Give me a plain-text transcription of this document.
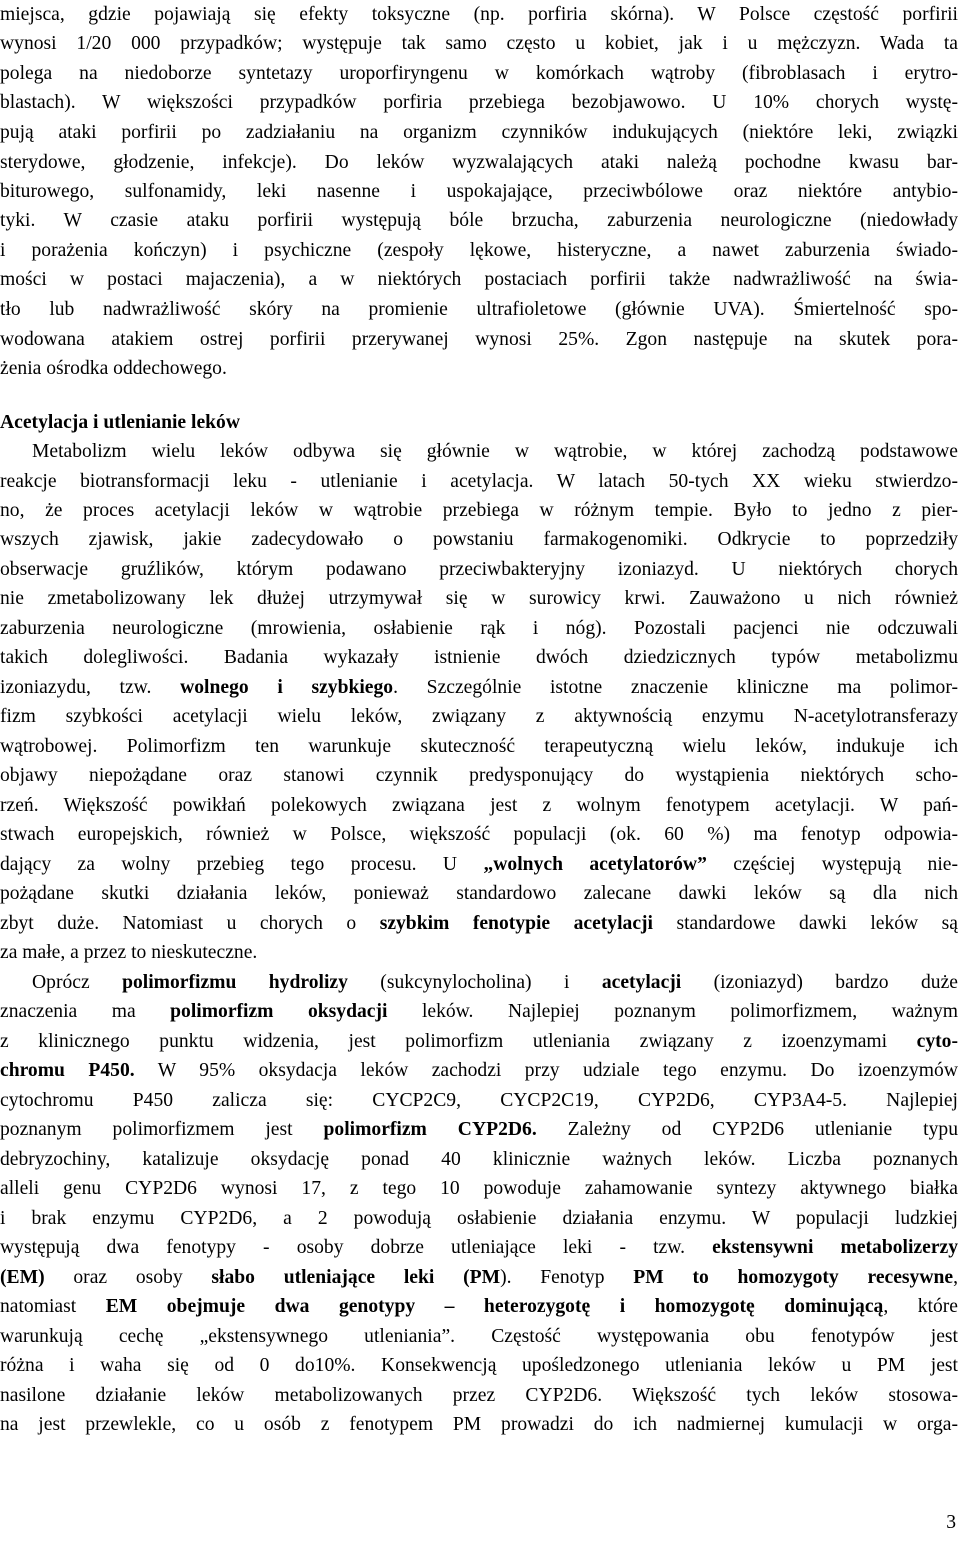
miejsca, gdzie pojawiają się efekty toksyczne (np. porfiria skórna). W Polsce częstość porfirii
wynosi 1/20 000 przypadków; występuje tak samo często u kobiet, jak i u mężczyzn. Wada ta
polega na niedoborze syntetazy uroporfiryngenu w komórkach wątroby (fibroblasach i erytro-
blastach). W większości przypadków porfiria przebiega bezobjawowo. U 10% chorych wystę-
pują ataki porfirii po zadziałaniu na organizm czynników indukujących (niektóre leki, związki
sterydowe, głodzenie, infekcje). Do leków wyzwalających ataki należą pochodne kwasu bar-
biturowego, sulfonamidy, leki nasenne i uspokajające, przeciwbólowe oraz niektóre antybio-
tyki. W czasie ataku porfirii występują bóle brzucha, zaburzenia neurologiczne (niedowłady
i porażenia kończyn) i psychiczne (zespoły lękowe, histeryczne, a nawet zaburzenia świado-
mości w postaci majaczenia), a w niektórych postaciach porfirii także nadwrażliwość na świa-
tło lub nadwrażliwość skóry na promienie ultrafioletowe (głównie UVA). Śmiertelność spo-
wodowana atakiem ostrej porfirii przerywanej wynosi 25%. Zgon następuje na skutek pora-
żenia ośrodka oddechowego.
Acetylacja i utlenianie leków
Metabolizm wielu leków odbywa się głównie w wątrobie, w której zachodzą podstawowe
reakcje biotransformacji leku - utlenianie i acetylacja. W latach 50-tych XX wieku stwierdzo-
no, że proces acetylacji leków w wątrobie przebiega w różnym tempie. Było to jedno z pier-
wszych zjawisk, jakie zadecydowało o powstaniu farmakogenomiki. Odkrycie to poprzedziły
obserwacje gruźlików, którym podawano przeciwbakteryjny izoniazyd. U niektórych chorych
nie zmetabolizowany lek dłużej utrzymywał się w surowicy krwi. Zauważono u nich również
zaburzenia neurologiczne (mrowienia, osłabienie rąk i nóg). Pozostali pacjenci nie odczuwali
takich dolegliwości. Badania wykazały istnienie dwóch dziedzicznych typów metabolizmu
izoniazydu, tzw. wolnego i szybkiego. Szczególnie istotne znaczenie kliniczne ma polimor-
fizm szybkości acetylacji wielu leków, związany z aktywnością enzymu N-acetylotransferazy
wątrobowej. Polimorfizm ten warunkuje skuteczność terapeutyczną wielu leków, indukuje ich
objawy niepożądane oraz stanowi czynnik predysponujący do wystąpienia niektórych scho-
rzeń. Większość powikłań polekowych związana jest z wolnym fenotypem acetylacji. W pań-
stwach europejskich, również w Polsce, większość populacji (ok. 60 %) ma fenotyp odpowia-
dający za wolny przebieg tego procesu. U „wolnych acetylatorów” częściej występują nie-
pożądane skutki działania leków, ponieważ standardowo zalecane dawki leków są dla nich
zbyt duże. Natomiast u chorych o szybkim fenotypie acetylacji standardowe dawki leków są
za małe, a przez to nieskuteczne.
Oprócz polimorfizmu hydrolizy (sukcynylocholina) i acetylacji (izoniazyd) bardzo duże
znaczenia ma polimorfizm oksydacji leków. Najlepiej poznanym polimorfizmem, ważnym
z klinicznego punktu widzenia, jest polimorfizm utleniania związany z izoenzymami cyto-
chromu P450. W 95% oksydacja leków zachodzi przy udziale tego enzymu. Do izoenzymów
cytochromu P450 zalicza się: CYCP2C9, CYCP2C19, CYP2D6, CYP3A4-5. Najlepiej
poznanym polimorfizmem jest polimorfizm CYP2D6. Zależny od CYP2D6 utlenianie typu
debryzochiny, katalizuje oksydację ponad 40 klinicznie ważnych leków. Liczba poznanych
alleli genu CYP2D6 wynosi 17, z tego 10 powoduje zahamowanie syntezy aktywnego białka
i brak enzymu CYP2D6, a 2 powodują osłabienie działania enzymu. W populacji ludzkiej
występują dwa fenotypy - osoby dobrze utleniające leki - tzw. ekstensywni metabolizerzy
(EM) oraz osoby słabo utleniające leki (PM). Fenotyp PM to homozygoty recesywne,
natomiast EM obejmuje dwa genotypy – heterozygotę i homozygotę dominującą, które
warunkują cechę „ekstensywnego utleniania”. Częstość występowania obu fenotypów jest
różna i waha się od 0 do10%. Konsekwencją upośledzonego utleniania leków u PM jest
nasilone działanie leków metabolizowanych przez CYP2D6. Większość tych leków stosowa-
na jest przewlekle, co u osób z fenotypem PM prowadzi do ich nadmiernej kumulacji w orga-
3
